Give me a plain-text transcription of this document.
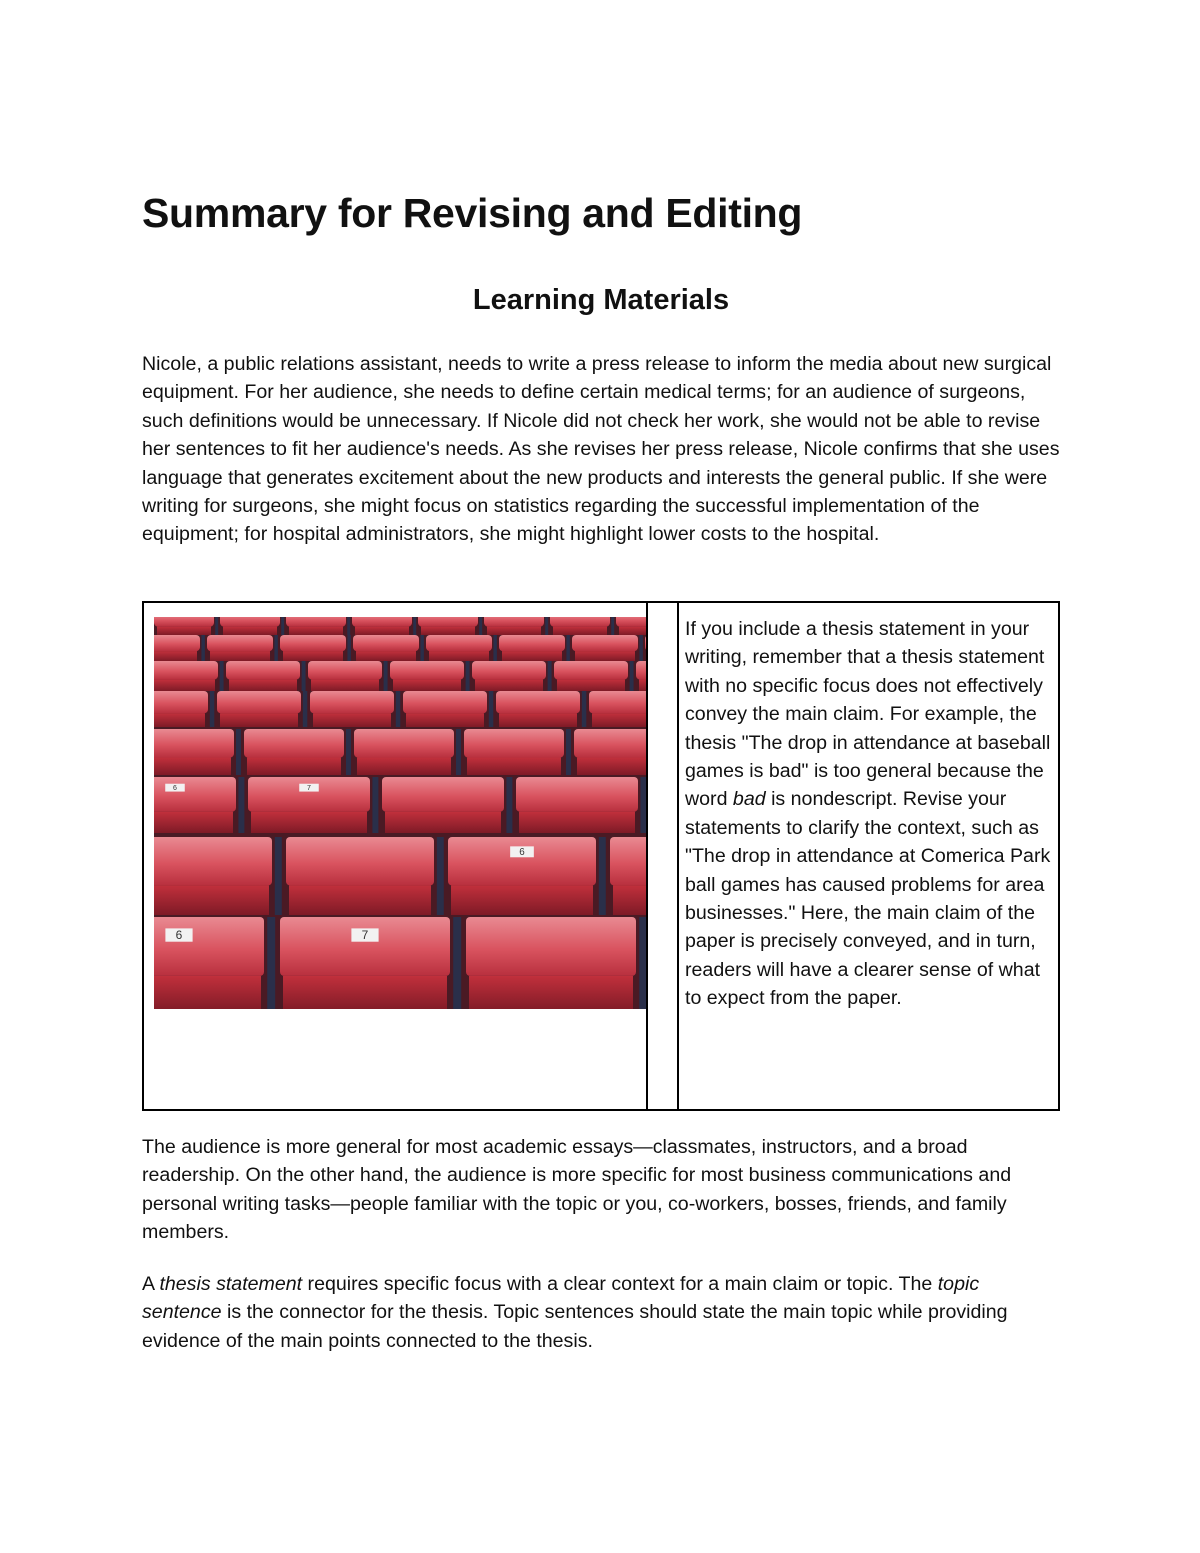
Summary for Revising and Editing
Learning Materials

Nicole, a public relations assistant, needs to write a press release to inform the media about new surgical equipment. For her audience, she needs to define certain medical terms; for an audience of surgeons, such definitions would be unnecessary. If Nicole did not check her work, she would not be able to revise her sentences to fit her audience's needs. As she revises her press release, Nicole confirms that she uses language that generates excitement about the new products and interests the general public. If she were writing for surgeons, she might focus on statistics regarding the successful implementation of the equipment; for hospital administrators, she might highlight lower costs to the hospital.

6	7
6
6	7

If you include a thesis statement in your writing, remember that a thesis statement with no specific focus does not effectively convey the main claim. For example, the thesis "The drop in attendance at baseball games is bad" is too general because the word bad is nondescript. Revise your statements to clarify the context, such as "The drop in attendance at Comerica Park ball games has caused problems for area businesses." Here, the main claim of the paper is precisely conveyed, and in turn, readers will have a clearer sense of what to expect from the paper.

The audience is more general for most academic essays—classmates, instructors, and a broad readership. On the other hand, the audience is more specific for most business communications and personal writing tasks—people familiar with the topic or you, co-workers, bosses, friends, and family members.

A thesis statement requires specific focus with a clear context for a main claim or topic. The topic sentence is the connector for the thesis. Topic sentences should state the main topic while providing evidence of the main points connected to the thesis.
